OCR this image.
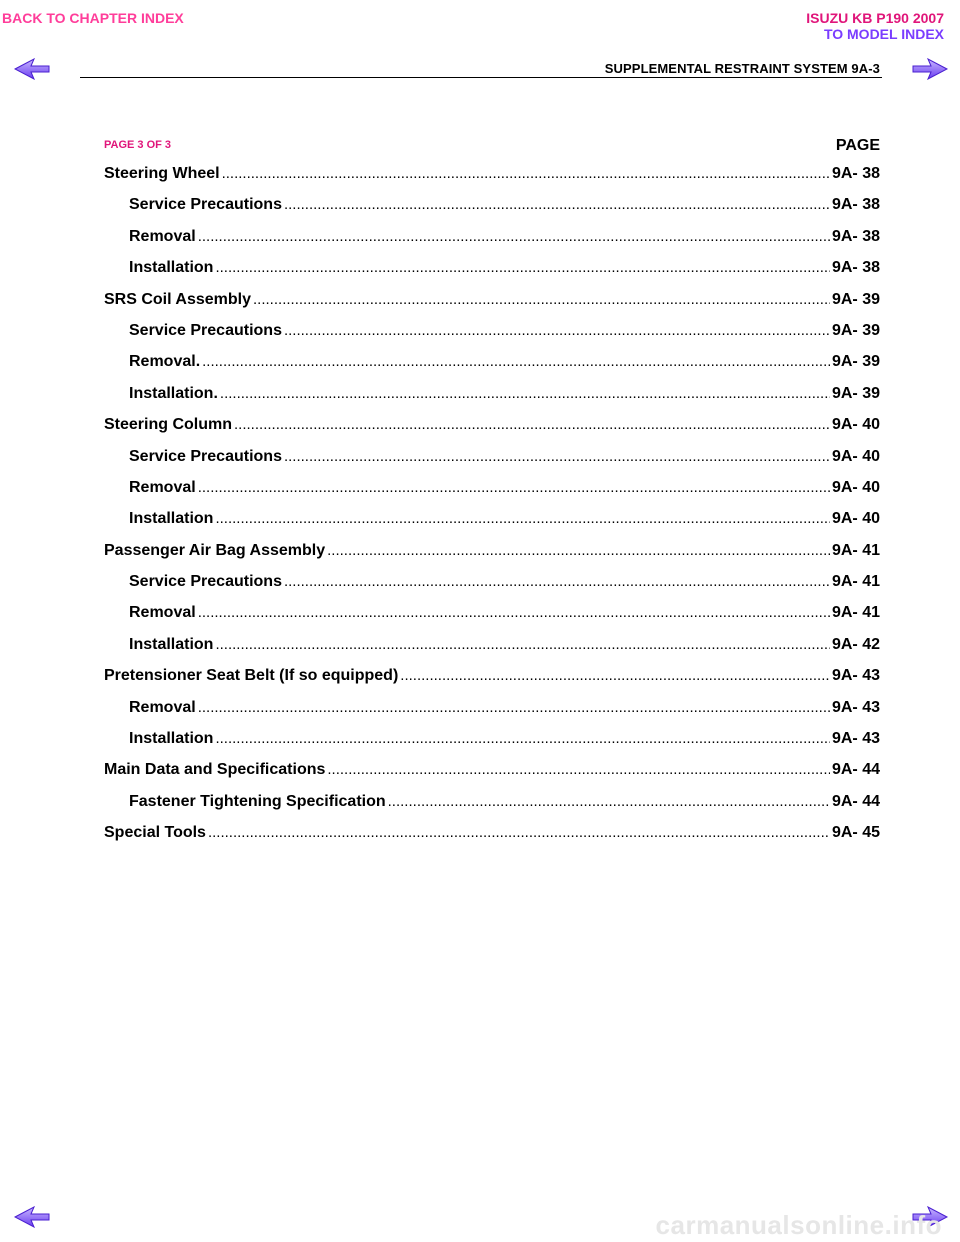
BACK TO CHAPTER INDEX	ISUZU KB P190 2007
TO MODEL INDEX
SUPPLEMENTAL RESTRAINT SYSTEM 9A-3
PAGE 3 OF 3	PAGE
Steering Wheel .....	9A- 38
Service Precautions .....	9A- 38
Removal .....	9A- 38
Installation .....	9A- 38
SRS Coil Assembly .....	9A- 39
Service Precautions .....	9A- 39
Removal. .....	9A- 39
Installation. .....	9A- 39
Steering Column .....	9A- 40
Service Precautions .....	9A- 40
Removal .....	9A- 40
Installation .....	9A- 40
Passenger Air Bag Assembly .....	9A- 41
Service Precautions .....	9A- 41
Removal .....	9A- 41
Installation .....	9A- 42
Pretensioner Seat Belt (If so equipped) .....	9A- 43
Removal .....	9A- 43
Installation .....	9A- 43
Main Data and Specifications .....	9A- 44
Fastener Tightening Specification .....	9A- 44
Special Tools .....	9A- 45
carmanualsonline.info
